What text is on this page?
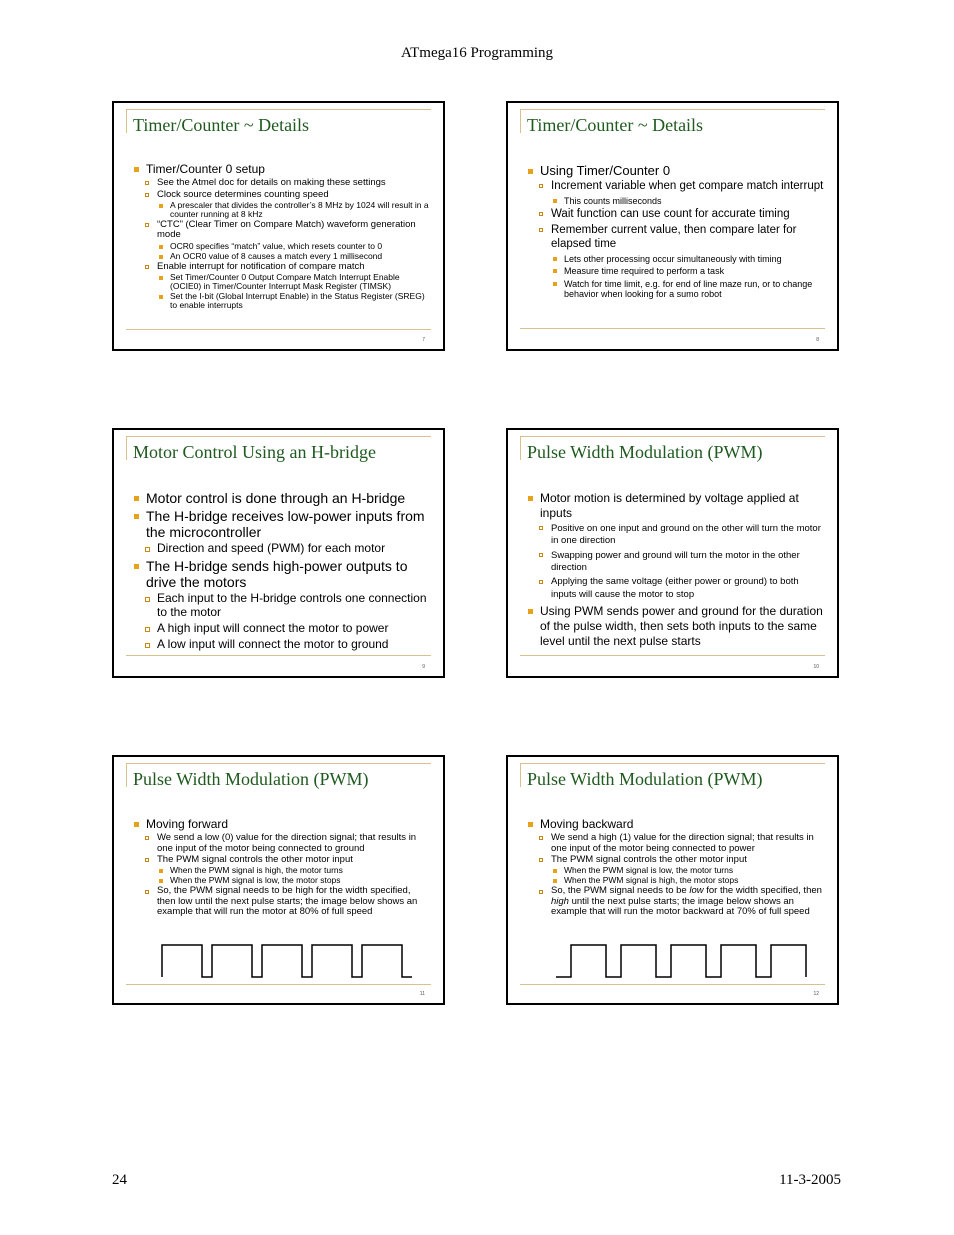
ATmega16 Programming
Timer/Counter ~ Details
Timer/Counter 0 setup
See the Atmel doc for details on making these settings
Clock source determines counting speed
A prescaler that divides the controller’s 8 MHz by 1024 will result in a counter running at 8 kHz
“CTC” (Clear Timer on Compare Match) waveform generation mode
OCR0 specifies “match” value, which resets counter to 0
An OCR0 value of 8 causes a match every 1 millisecond
Enable interrupt for notification of compare match
Set Timer/Counter 0 Output Compare Match Interrupt Enable (OCIE0) in Timer/Counter Interrupt Mask Register (TIMSK)
Set the I-bit (Global Interrupt Enable) in the Status Register (SREG) to enable interrupts
7
Timer/Counter ~ Details
Using Timer/Counter 0
Increment variable when get compare match interrupt
This counts milliseconds
Wait function can use count for accurate timing
Remember current value, then compare later for elapsed time
Lets other processing occur simultaneously with timing
Measure time required to perform a task
Watch for time limit, e.g. for end of line maze run, or to change behavior when looking for a sumo robot
8
Motor Control Using an H-bridge
Motor control is done through an H-bridge
The H-bridge receives low-power inputs from the microcontroller
Direction and speed (PWM) for each motor
The H-bridge sends high-power outputs to drive the motors
Each input to the H-bridge controls one connection to the motor
A high input will connect the motor to power
A low input will connect the motor to ground
9
Pulse Width Modulation (PWM)
Motor motion is determined by voltage applied at inputs
Positive on one input and ground on the other will turn the motor in one direction
Swapping power and ground will turn the motor in the other direction
Applying the same voltage (either power or ground) to both inputs will cause the motor to stop
Using PWM sends power and ground for the duration of the pulse width, then sets both inputs to the same level until the next pulse starts
10
Pulse Width Modulation (PWM)
Moving forward
We send a low (0) value for the direction signal; that results in one input of the motor being connected to ground
The PWM signal controls the other motor input
When the PWM signal is high, the motor turns
When the PWM signal is low, the motor stops
So, the PWM signal needs to be high for the width specified, then low until the next pulse starts; the image below shows an example that will run the motor at 80% of full speed
11
Pulse Width Modulation (PWM)
Moving backward
We send a high (1) value for the direction signal; that results in one input of the motor being connected to power
The PWM signal controls the other motor input
When the PWM signal is low, the motor turns
When the PWM signal is high, the motor stops
So, the PWM signal needs to be low for the width specified, then high until the next pulse starts; the image below shows an example that will run the motor backward at 70% of full speed
12
24	11-3-2005
